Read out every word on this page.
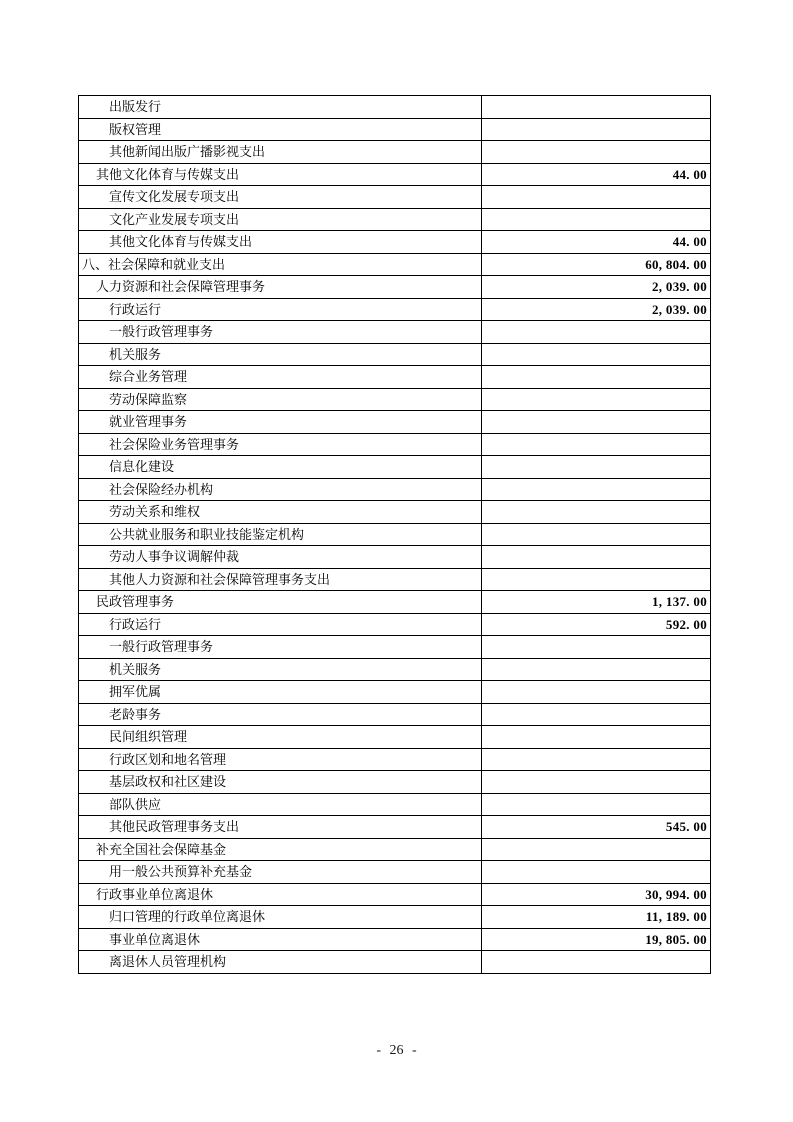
出版发行	
版权管理	
其他新闻出版广播影视支出	
其他文化体育与传媒支出	44. 00
宣传文化发展专项支出	
文化产业发展专项支出	
其他文化体育与传媒支出	44. 00
八、社会保障和就业支出	60, 804. 00
人力资源和社会保障管理事务	2, 039. 00
行政运行	2, 039. 00
一般行政管理事务	
机关服务	
综合业务管理	
劳动保障监察	
就业管理事务	
社会保险业务管理事务	
信息化建设	
社会保险经办机构	
劳动关系和维权	
公共就业服务和职业技能鉴定机构	
劳动人事争议调解仲裁	
其他人力资源和社会保障管理事务支出	
民政管理事务	1, 137. 00
行政运行	592. 00
一般行政管理事务	
机关服务	
拥军优属	
老龄事务	
民间组织管理	
行政区划和地名管理	
基层政权和社区建设	
部队供应	
其他民政管理事务支出	545. 00
补充全国社会保障基金	
用一般公共预算补充基金	
行政事业单位离退休	30, 994. 00
归口管理的行政单位离退休	11, 189. 00
事业单位离退休	19, 805. 00
离退休人员管理机构	
- 26 -
